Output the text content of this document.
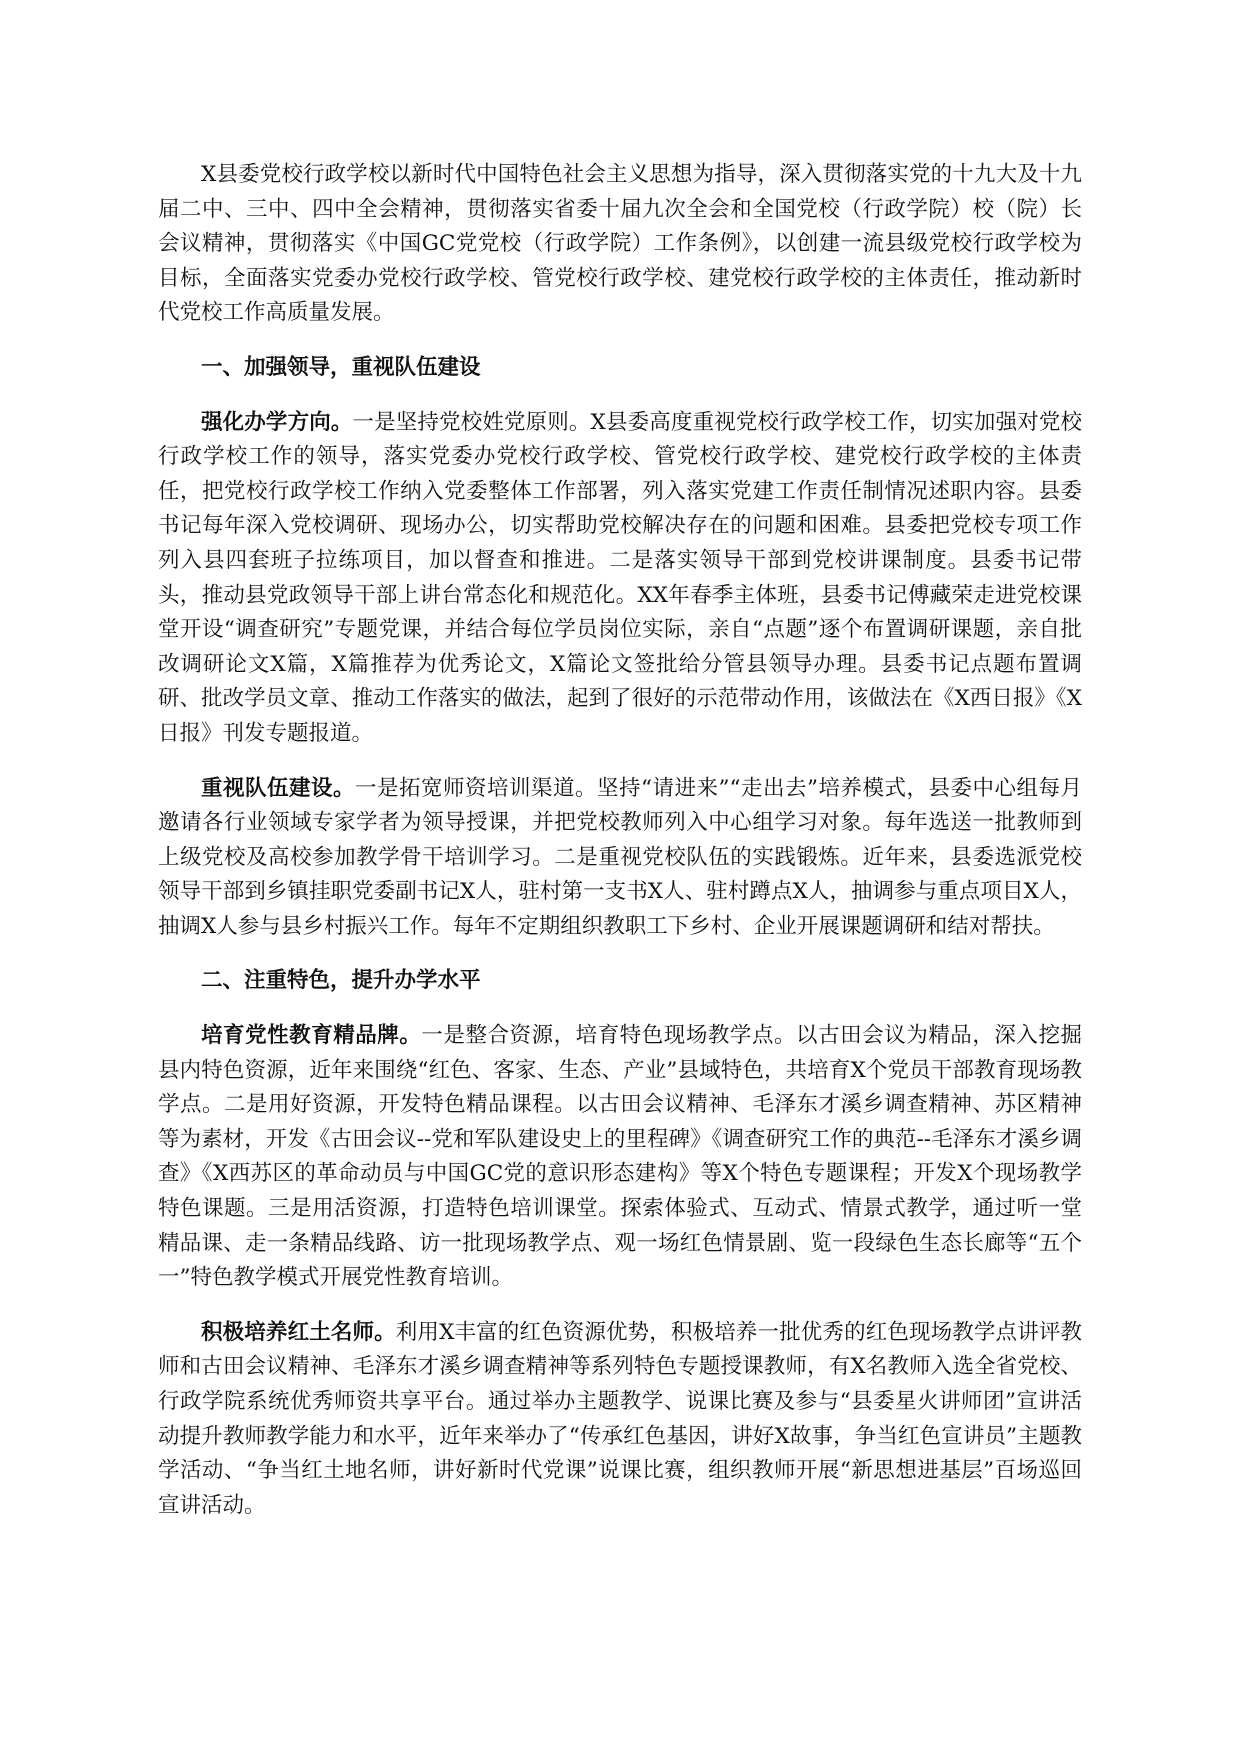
X县委党校行政学校以新时代中国特色社会主义思想为指导，深入贯彻落实党的十九大及十九届二中、三中、四中全会精神，贯彻落实省委十届九次全会和全国党校（行政学院）校（院）长会议精神，贯彻落实《中国GC党党校（行政学院）工作条例》，以创建一流县级党校行政学校为目标，全面落实党委办党校行政学校、管党校行政学校、建党校行政学校的主体责任，推动新时代党校工作高质量发展。

一、加强领导，重视队伍建设

强化办学方向。一是坚持党校姓党原则。X县委高度重视党校行政学校工作，切实加强对党校行政学校工作的领导，落实党委办党校行政学校、管党校行政学校、建党校行政学校的主体责任，把党校行政学校工作纳入党委整体工作部署，列入落实党建工作责任制情况述职内容。县委书记每年深入党校调研、现场办公，切实帮助党校解决存在的问题和困难。县委把党校专项工作列入县四套班子拉练项目，加以督查和推进。二是落实领导干部到党校讲课制度。县委书记带头，推动县党政领导干部上讲台常态化和规范化。XX年春季主体班，县委书记傅藏荣走进党校课堂开设“调查研究”专题党课，并结合每位学员岗位实际，亲自“点题”逐个布置调研课题，亲自批改调研论文X篇，X篇推荐为优秀论文，X篇论文签批给分管县领导办理。县委书记点题布置调研、批改学员文章、推动工作落实的做法，起到了很好的示范带动作用，该做法在《X西日报》《X日报》刊发专题报道。

重视队伍建设。一是拓宽师资培训渠道。坚持“请进来”“走出去”培养模式，县委中心组每月邀请各行业领域专家学者为领导授课，并把党校教师列入中心组学习对象。每年选送一批教师到上级党校及高校参加教学骨干培训学习。二是重视党校队伍的实践锻炼。近年来，县委选派党校领导干部到乡镇挂职党委副书记X人，驻村第一支书X人、驻村蹲点X人，抽调参与重点项目X人，抽调X人参与县乡村振兴工作。每年不定期组织教职工下乡村、企业开展课题调研和结对帮扶。

二、注重特色，提升办学水平

培育党性教育精品牌。一是整合资源，培育特色现场教学点。以古田会议为精品，深入挖掘县内特色资源，近年来围绕“红色、客家、生态、产业”县域特色，共培育X个党员干部教育现场教学点。二是用好资源，开发特色精品课程。以古田会议精神、毛泽东才溪乡调查精神、苏区精神等为素材，开发《古田会议--党和军队建设史上的里程碑》《调查研究工作的典范--毛泽东才溪乡调查》《X西苏区的革命动员与中国GC党的意识形态建构》等X个特色专题课程；开发X个现场教学特色课题。三是用活资源，打造特色培训课堂。探索体验式、互动式、情景式教学，通过听一堂精品课、走一条精品线路、访一批现场教学点、观一场红色情景剧、览一段绿色生态长廊等“五个一”特色教学模式开展党性教育培训。

积极培养红土名师。利用X丰富的红色资源优势，积极培养一批优秀的红色现场教学点讲评教师和古田会议精神、毛泽东才溪乡调查精神等系列特色专题授课教师，有X名教师入选全省党校、行政学院系统优秀师资共享平台。通过举办主题教学、说课比赛及参与“县委星火讲师团”宣讲活动提升教师教学能力和水平，近年来举办了“传承红色基因，讲好X故事，争当红色宣讲员”主题教学活动、“争当红土地名师，讲好新时代党课”说课比赛，组织教师开展“新思想进基层”百场巡回宣讲活动。
